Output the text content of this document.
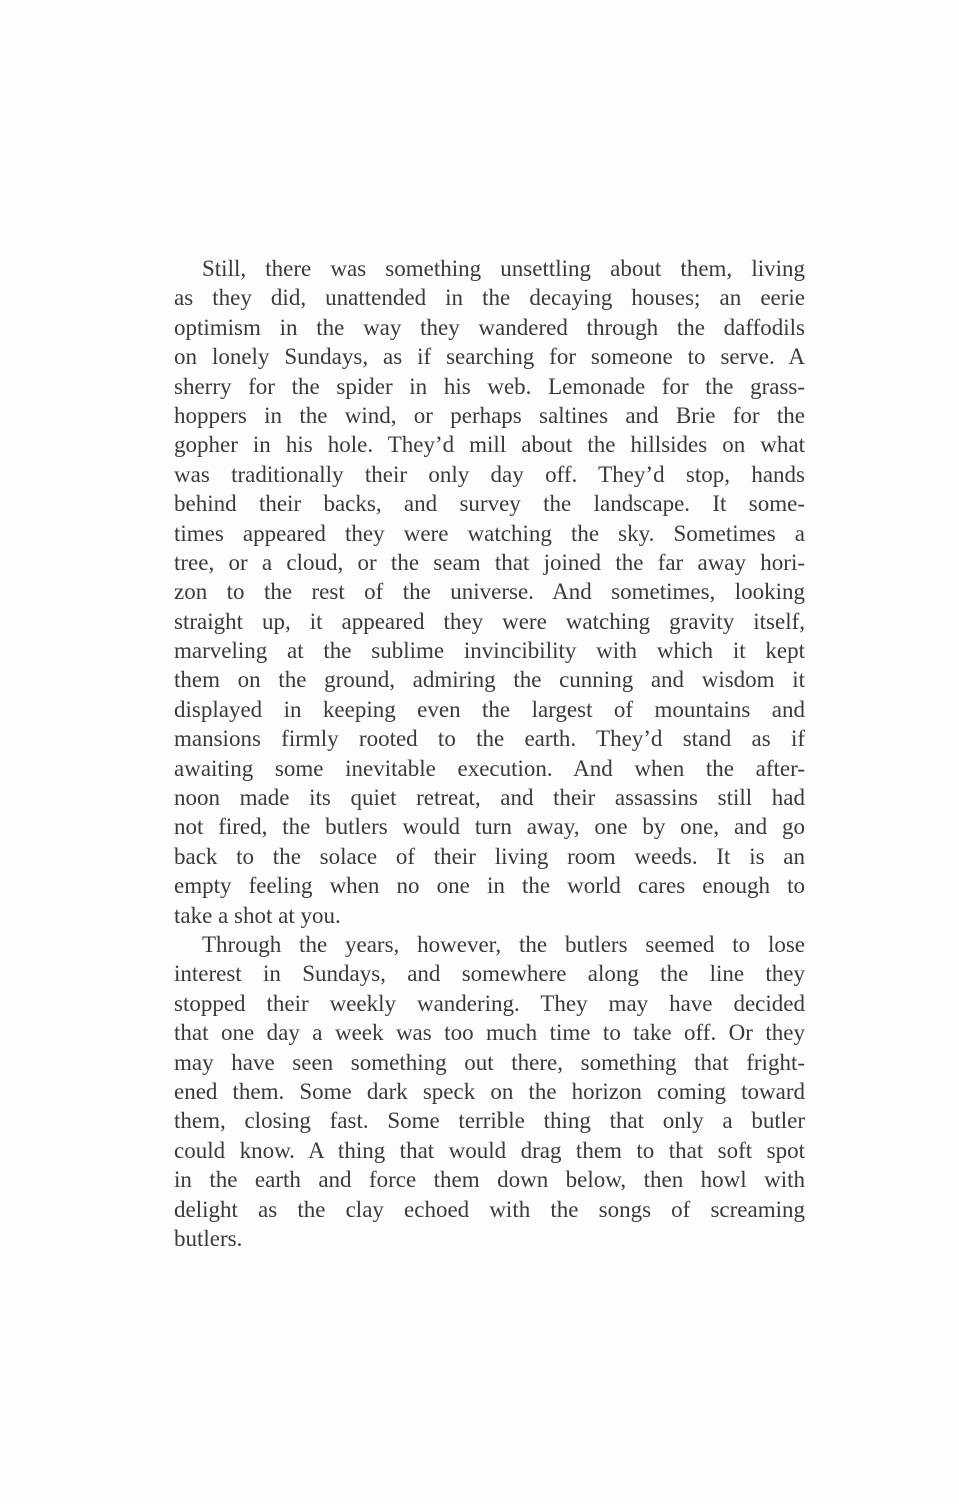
Still, there was something unsettling about them, living
as they did, unattended in the decaying houses; an eerie
optimism in the way they wandered through the daffodils
on lonely Sundays, as if searching for someone to serve. A
sherry for the spider in his web. Lemonade for the grass-
hoppers in the wind, or perhaps saltines and Brie for the
gopher in his hole. They’d mill about the hillsides on what
was traditionally their only day off. They’d stop, hands
behind their backs, and survey the landscape. It some-
times appeared they were watching the sky. Sometimes a
tree, or a cloud, or the seam that joined the far away hori-
zon to the rest of the universe. And sometimes, looking
straight up, it appeared they were watching gravity itself,
marveling at the sublime invincibility with which it kept
them on the ground, admiring the cunning and wisdom it
displayed in keeping even the largest of mountains and
mansions firmly rooted to the earth. They’d stand as if
awaiting some inevitable execution. And when the after-
noon made its quiet retreat, and their assassins still had
not fired, the butlers would turn away, one by one, and go
back to the solace of their living room weeds. It is an
empty feeling when no one in the world cares enough to
take a shot at you.
Through the years, however, the butlers seemed to lose
interest in Sundays, and somewhere along the line they
stopped their weekly wandering. They may have decided
that one day a week was too much time to take off. Or they
may have seen something out there, something that fright-
ened them. Some dark speck on the horizon coming toward
them, closing fast. Some terrible thing that only a butler
could know. A thing that would drag them to that soft spot
in the earth and force them down below, then howl with
delight as the clay echoed with the songs of screaming
butlers.
